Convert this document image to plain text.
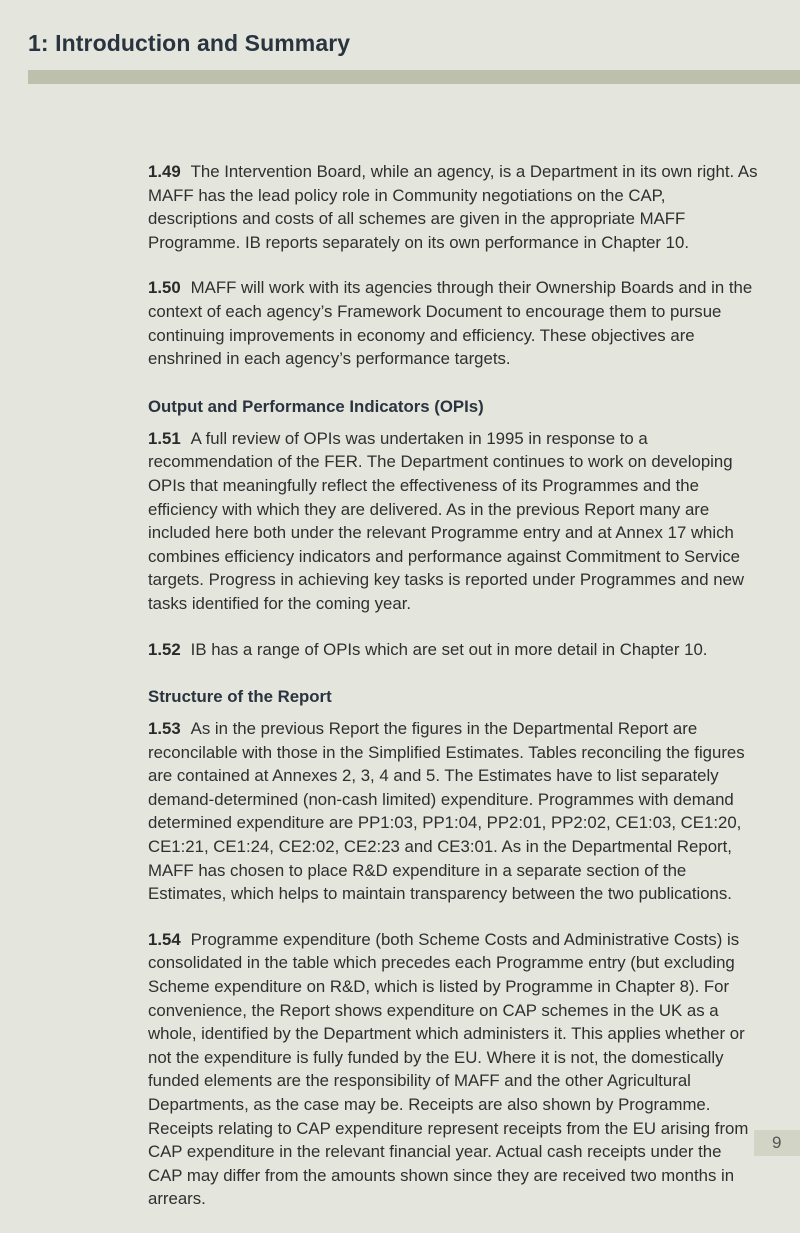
1: Introduction and Summary

1.49 The Intervention Board, while an agency, is a Department in its own right. As MAFF has the lead policy role in Community negotiations on the CAP, descriptions and costs of all schemes are given in the appropriate MAFF Programme. IB reports separately on its own performance in Chapter 10.

1.50 MAFF will work with its agencies through their Ownership Boards and in the context of each agency’s Framework Document to encourage them to pursue continuing improvements in economy and efficiency. These objectives are enshrined in each agency’s performance targets.

Output and Performance Indicators (OPIs)

1.51 A full review of OPIs was undertaken in 1995 in response to a recommendation of the FER. The Department continues to work on developing OPIs that meaningfully reflect the effectiveness of its Programmes and the efficiency with which they are delivered. As in the previous Report many are included here both under the relevant Programme entry and at Annex 17 which combines efficiency indicators and performance against Commitment to Service targets. Progress in achieving key tasks is reported under Programmes and new tasks identified for the coming year.

1.52 IB has a range of OPIs which are set out in more detail in Chapter 10.

Structure of the Report

1.53 As in the previous Report the figures in the Departmental Report are reconcilable with those in the Simplified Estimates. Tables reconciling the figures are contained at Annexes 2, 3, 4 and 5. The Estimates have to list separately demand-determined (non-cash limited) expenditure. Programmes with demand determined expenditure are PP1:03, PP1:04, PP2:01, PP2:02, CE1:03, CE1:20, CE1:21, CE1:24, CE2:02, CE2:23 and CE3:01. As in the Departmental Report, MAFF has chosen to place R&D expenditure in a separate section of the Estimates, which helps to maintain transparency between the two publications.

1.54 Programme expenditure (both Scheme Costs and Administrative Costs) is consolidated in the table which precedes each Programme entry (but excluding Scheme expenditure on R&D, which is listed by Programme in Chapter 8). For convenience, the Report shows expenditure on CAP schemes in the UK as a whole, identified by the Department which administers it. This applies whether or not the expenditure is fully funded by the EU. Where it is not, the domestically funded elements are the responsibility of MAFF and the other Agricultural Departments, as the case may be. Receipts are also shown by Programme. Receipts relating to CAP expenditure represent receipts from the EU arising from CAP expenditure in the relevant financial year. Actual cash receipts under the CAP may differ from the amounts shown since they are received two months in arrears.

9
